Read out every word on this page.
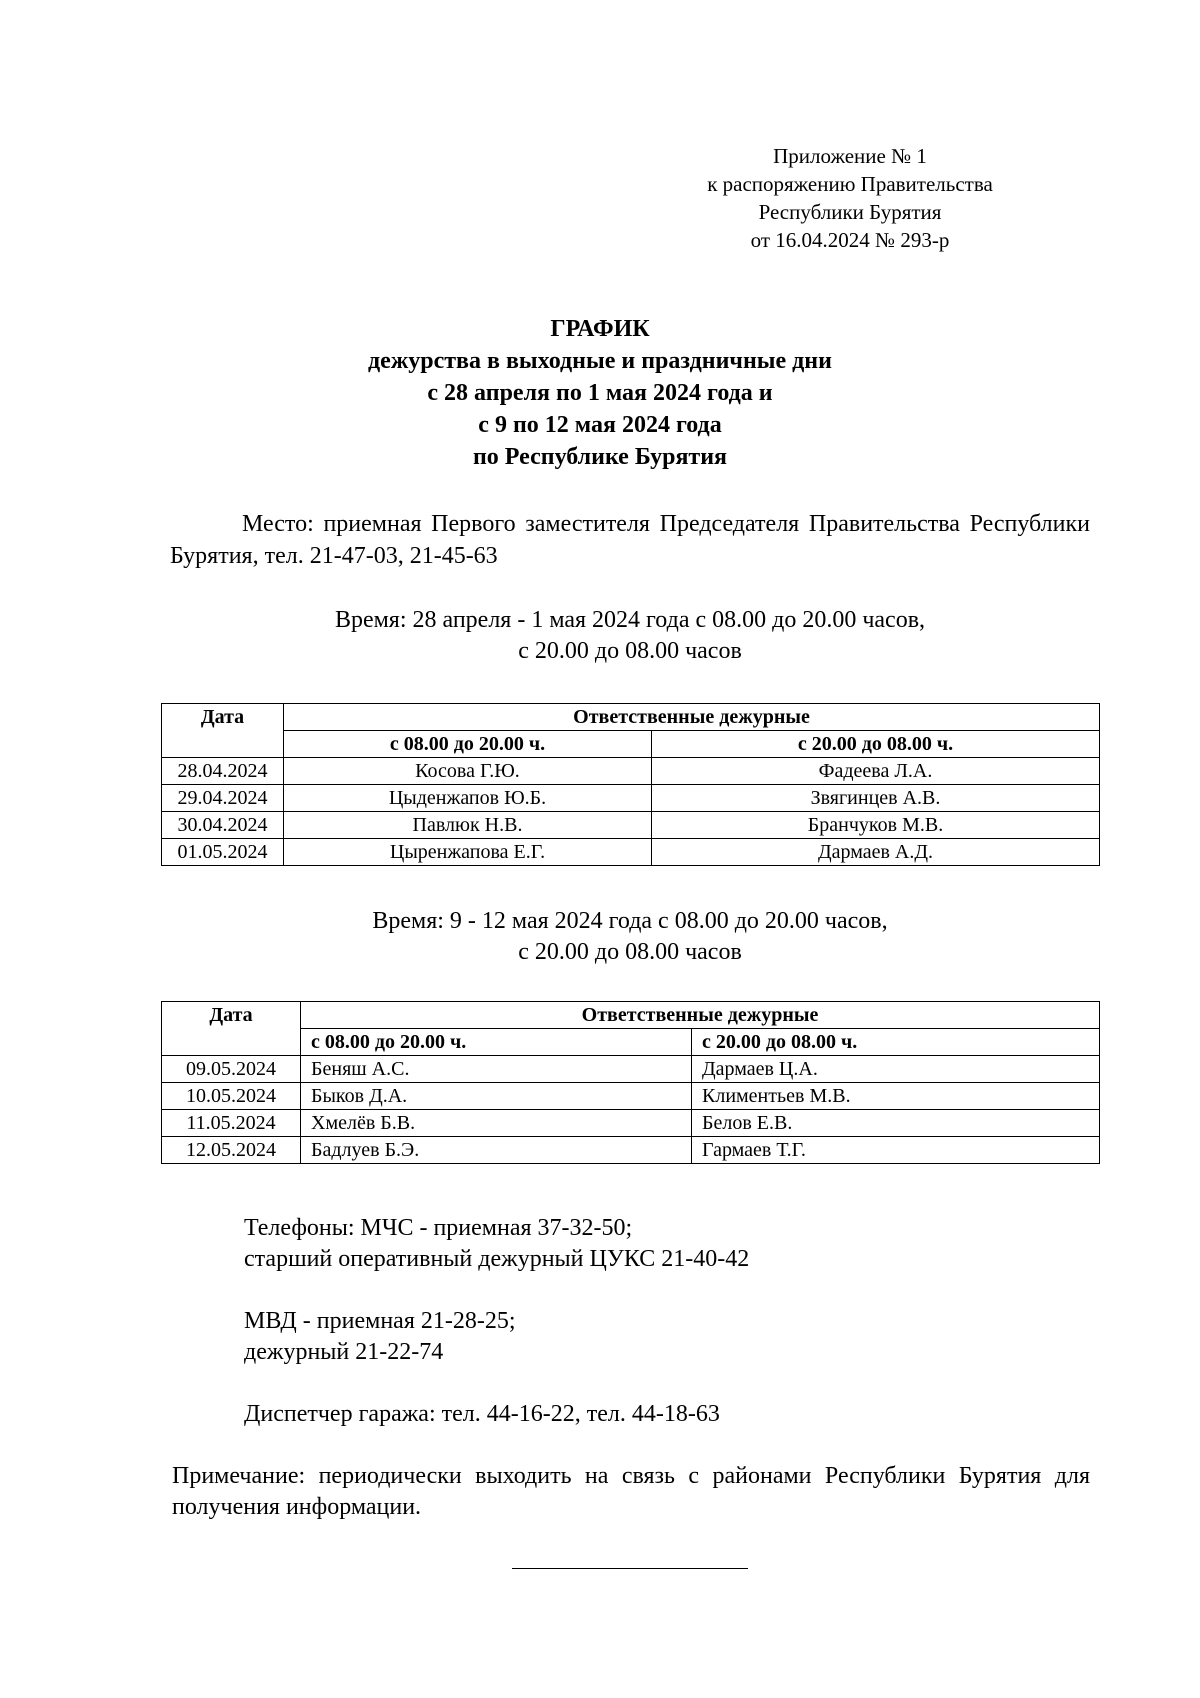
Приложение № 1
к распоряжению Правительства
Республики Бурятия
от 16.04.2024 № 293-р
ГРАФИК
дежурства в выходные и праздничные дни
с 28 апреля по 1 мая 2024 года и
с 9 по 12 мая 2024 года
по Республике Бурятия
Место: приемная Первого заместителя Председателя Правительства Республики Бурятия, тел. 21-47-03, 21-45-63
Время: 28 апреля - 1 мая 2024 года с 08.00 до 20.00 часов,
с 20.00 до 08.00 часов
Дата	Ответственные дежурные	
	с 08.00 до 20.00 ч.	с 20.00 до 08.00 ч.
28.04.2024	Косова Г.Ю.	Фадеева Л.А.
29.04.2024	Цыденжапов Ю.Б.	Звягинцев А.В.
30.04.2024	Павлюк Н.В.	Бранчуков М.В.
01.05.2024	Цыренжапова Е.Г.	Дармаев А.Д.
Время: 9 - 12 мая 2024 года с 08.00 до 20.00 часов,
с 20.00 до 08.00 часов
Дата	Ответственные дежурные	
	с 08.00 до 20.00 ч.	с 20.00 до 08.00 ч.
09.05.2024	Беняш А.С.	Дармаев Ц.А.
10.05.2024	Быков Д.А.	Климентьев М.В.
11.05.2024	Хмелёв Б.В.	Белов Е.В.
12.05.2024	Бадлуев Б.Э.	Гармаев Т.Г.

Телефоны: МЧС - приемная 37-32-50;
старший оперативный дежурный ЦУКС 21-40-42

МВД - приемная 21-28-25;
дежурный 21-22-74

Диспетчер гаража: тел. 44-16-22, тел. 44-18-63

Примечание: периодически выходить на связь с районами Республики Бурятия для получения информации.
